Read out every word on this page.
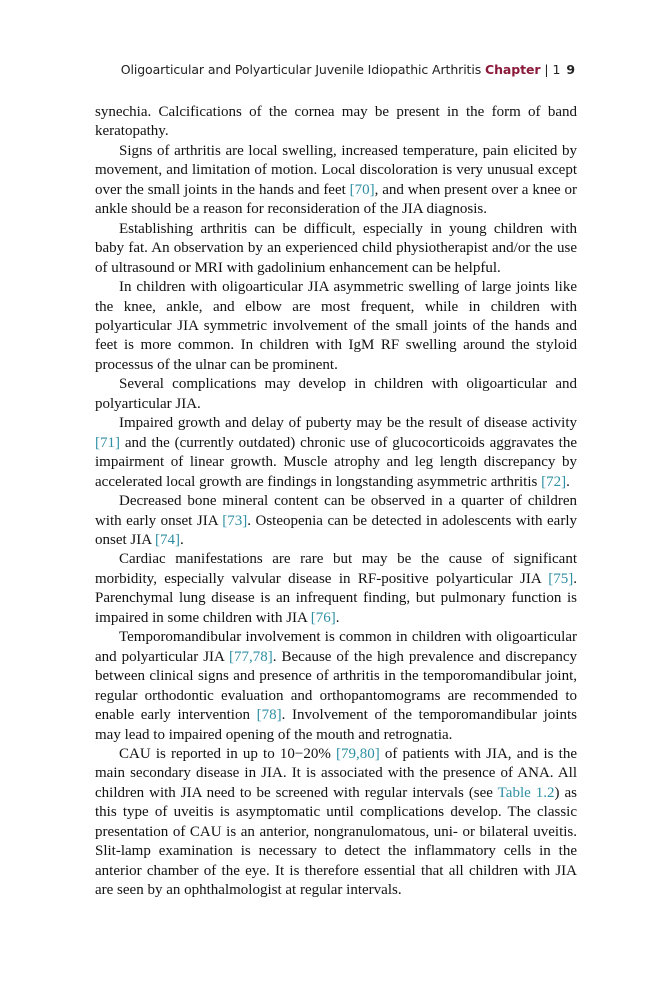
Oligoarticular and Polyarticular Juvenile Idiopathic Arthritis Chapter | 1 9

synechia. Calcifications of the cornea may be present in the form of band keratopathy.

Signs of arthritis are local swelling, increased temperature, pain elicited by movement, and limitation of motion. Local discoloration is very unusual except over the small joints in the hands and feet [70], and when present over a knee or ankle should be a reason for reconsideration of the JIA diagnosis.

Establishing arthritis can be difficult, especially in young children with baby fat. An observation by an experienced child physiotherapist and/or the use of ultrasound or MRI with gadolinium enhancement can be helpful.

In children with oligoarticular JIA asymmetric swelling of large joints like the knee, ankle, and elbow are most frequent, while in children with polyarticular JIA symmetric involvement of the small joints of the hands and feet is more common. In children with IgM RF swelling around the styloid processus of the ulnar can be prominent.

Several complications may develop in children with oligoarticular and polyarticular JIA.

Impaired growth and delay of puberty may be the result of disease activity [71] and the (currently outdated) chronic use of glucocorticoids aggravates the impairment of linear growth. Muscle atrophy and leg length discrepancy by accelerated local growth are findings in longstanding asymmetric arthritis [72].

Decreased bone mineral content can be observed in a quarter of children with early onset JIA [73]. Osteopenia can be detected in adolescents with early onset JIA [74].

Cardiac manifestations are rare but may be the cause of significant morbidity, especially valvular disease in RF-positive polyarticular JIA [75]. Parenchymal lung disease is an infrequent finding, but pulmonary function is impaired in some children with JIA [76].

Temporomandibular involvement is common in children with oligoarticular and polyarticular JIA [77,78]. Because of the high prevalence and discrepancy between clinical signs and presence of arthritis in the temporomandibular joint, regular orthodontic evaluation and orthopantomograms are recommended to enable early intervention [78]. Involvement of the temporomandibular joints may lead to impaired opening of the mouth and retrognatia.

CAU is reported in up to 10−20% [79,80] of patients with JIA, and is the main secondary disease in JIA. It is associated with the presence of ANA. All children with JIA need to be screened with regular intervals (see Table 1.2) as this type of uveitis is asymptomatic until complications develop. The classic presentation of CAU is an anterior, nongranulomatous, uni- or bilateral uveitis. Slit-lamp examination is necessary to detect the inflammatory cells in the anterior chamber of the eye. It is therefore essential that all children with JIA are seen by an ophthalmologist at regular intervals.
